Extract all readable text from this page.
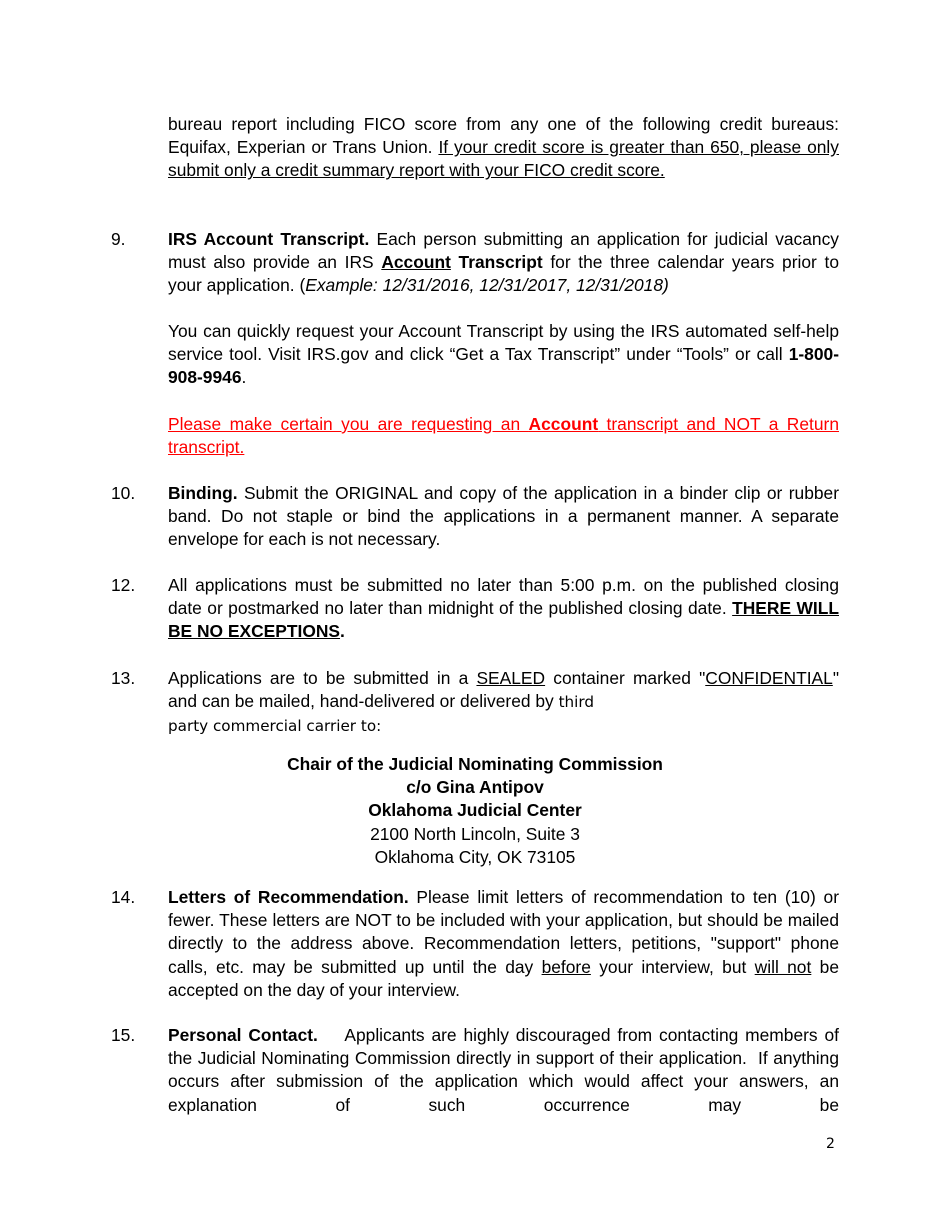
bureau report including FICO score from any one of the following credit bureaus: Equifax, Experian or Trans Union. If your credit score is greater than 650, please only submit only a credit summary report with your FICO credit score.

9. IRS Account Transcript. Each person submitting an application for judicial vacancy must also provide an IRS Account Transcript for the three calendar years prior to your application. (Example: 12/31/2016, 12/31/2017, 12/31/2018)

You can quickly request your Account Transcript by using the IRS automated self-help service tool. Visit IRS.gov and click “Get a Tax Transcript” under “Tools” or call 1-800-908-9946.

Please make certain you are requesting an Account transcript and NOT a Return transcript.

10. Binding. Submit the ORIGINAL and copy of the application in a binder clip or rubber band. Do not staple or bind the applications in a permanent manner. A separate envelope for each is not necessary.

12. All applications must be submitted no later than 5:00 p.m. on the published closing date or postmarked no later than midnight of the published closing date. THERE WILL BE NO EXCEPTIONS.

13. Applications are to be submitted in a SEALED container marked "CONFIDENTIAL" and can be mailed, hand-delivered or delivered by third
party commercial carrier to:

Chair of the Judicial Nominating Commission
c/o Gina Antipov
Oklahoma Judicial Center
2100 North Lincoln, Suite 3
Oklahoma City, OK 73105

14. Letters of Recommendation. Please limit letters of recommendation to ten (10) or fewer. These letters are NOT to be included with your application, but should be mailed directly to the address above. Recommendation letters, petitions, "support" phone calls, etc. may be submitted up until the day before your interview, but will not be accepted on the day of your interview.

15. Personal Contact.    Applicants are highly discouraged from contacting members of the Judicial Nominating Commission directly in support of their application.  If anything occurs after submission of the application which would affect your answers, an explanation of such occurrence may be

2
